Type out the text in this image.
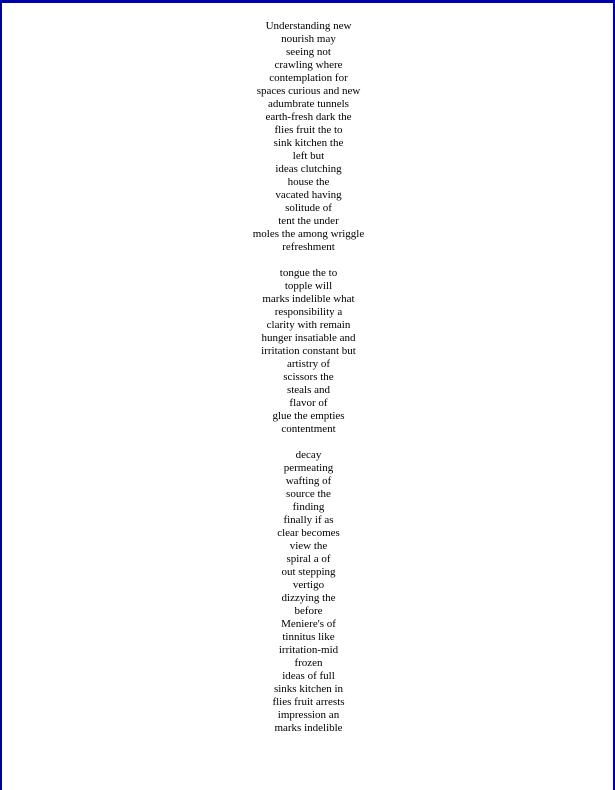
Understanding new
nourish may
seeing not
crawling where
contemplation for
spaces curious and new
adumbrate tunnels
earth-fresh dark the
flies fruit the to
sink kitchen the
left but
ideas clutching
house the
vacated having
solitude of
tent the under
moles the among wriggle
refreshment
tongue the to
topple will
marks indelible what
responsibility a
clarity with remain
hunger insatiable and
irritation constant but
artistry of
scissors the
steals and
flavor of
glue the empties
contentment
decay
permeating
wafting of
source the
finding
finally if as
clear becomes
view the
spiral a of
out stepping
vertigo
dizzying the
before
Meniere's of
tinnitus like
irritation-mid
frozen
ideas of full
sinks kitchen in
flies fruit arrests
impression an
marks indelible
